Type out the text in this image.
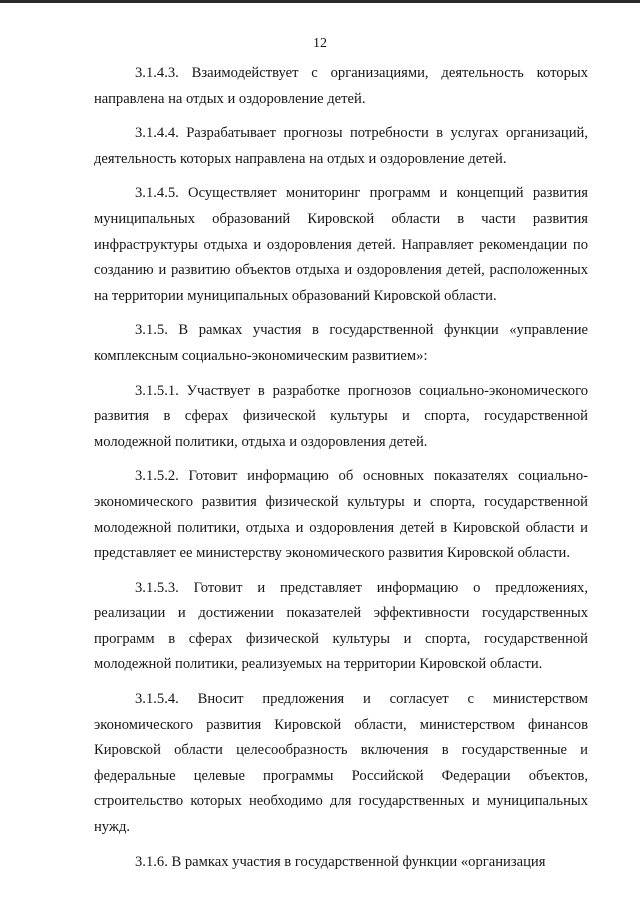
12

3.1.4.3. Взаимодействует с организациями, деятельность которых направлена на отдых и оздоровление детей.

3.1.4.4. Разрабатывает прогнозы потребности в услугах организаций, деятельность которых направлена на отдых и оздоровление детей.

3.1.4.5. Осуществляет мониторинг программ и концепций развития муниципальных образований Кировской области в части развития инфраструктуры отдыха и оздоровления детей. Направляет рекомендации по созданию и развитию объектов отдыха и оздоровления детей, расположенных на территории муниципальных образований Кировской области.

3.1.5. В рамках участия в государственной функции «управление комплексным социально-экономическим развитием»:

3.1.5.1. Участвует в разработке прогнозов социально-экономического развития в сферах физической культуры и спорта, государственной молодежной политики, отдыха и оздоровления детей.

3.1.5.2. Готовит информацию об основных показателях социально-экономического развития физической культуры и спорта, государственной молодежной политики, отдыха и оздоровления детей в Кировской области и представляет ее министерству экономического развития Кировской области.

3.1.5.3. Готовит и представляет информацию о предложениях, реализации и достижении показателей эффективности государственных программ в сферах физической культуры и спорта, государственной молодежной политики, реализуемых на территории Кировской области.

3.1.5.4. Вносит предложения и согласует с министерством экономического развития Кировской области, министерством финансов Кировской области целесообразность включения в государственные и федеральные целевые программы Российской Федерации объектов, строительство которых необходимо для государственных и муниципальных нужд.

3.1.6. В рамках участия в государственной функции «организация
